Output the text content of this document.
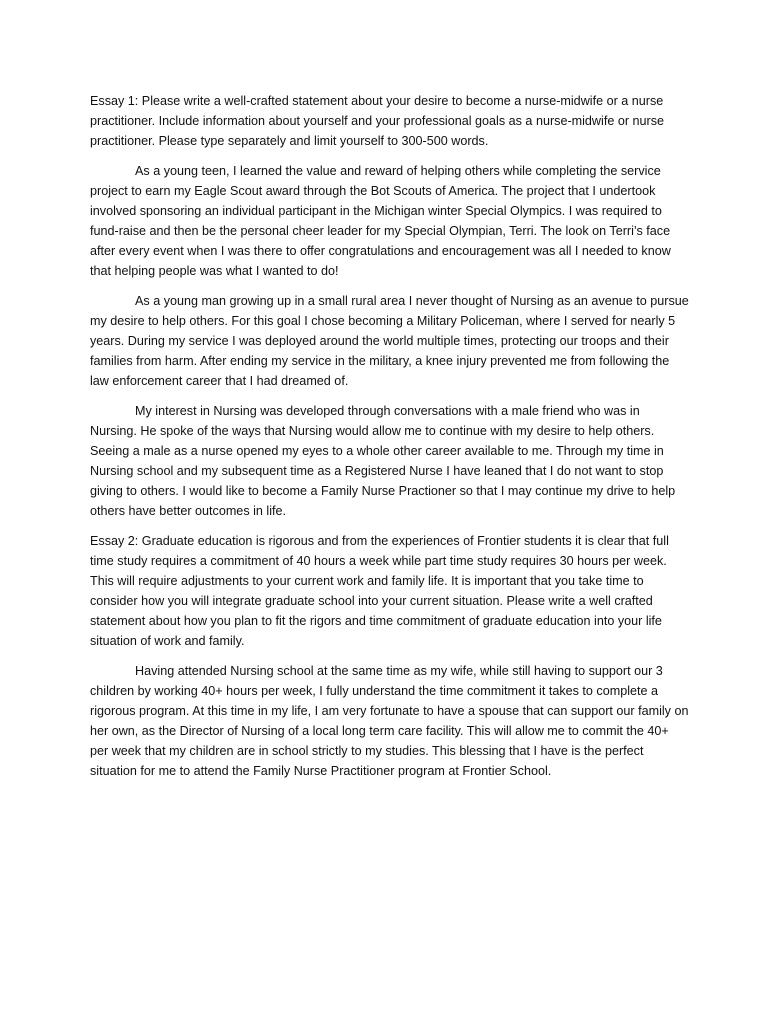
Essay 1: Please write a well-crafted statement about your desire to become a nurse-midwife or a nurse practitioner. Include information about yourself and your professional goals as a nurse-midwife or nurse practitioner. Please type separately and limit yourself to 300-500 words.

As a young teen, I learned the value and reward of helping others while completing the service project to earn my Eagle Scout award through the Bot Scouts of America. The project that I undertook involved sponsoring an individual participant in the Michigan winter Special Olympics. I was required to fund-raise and then be the personal cheer leader for my Special Olympian, Terri. The look on Terri’s face after every event when I was there to offer congratulations and encouragement was all I needed to know that helping people was what I wanted to do!

As a young man growing up in a small rural area I never thought of Nursing as an avenue to pursue my desire to help others. For this goal I chose becoming a Military Policeman, where I served for nearly 5 years. During my service I was deployed around the world multiple times, protecting our troops and their families from harm. After ending my service in the military, a knee injury prevented me from following the law enforcement career that I had dreamed of.

My interest in Nursing was developed through conversations with a male friend who was in Nursing. He spoke of the ways that Nursing would allow me to continue with my desire to help others. Seeing a male as a nurse opened my eyes to a whole other career available to me. Through my time in Nursing school and my subsequent time as a Registered Nurse I have leaned that I do not want to stop giving to others. I would like to become a Family Nurse Practioner so that I may continue my drive to help others have better outcomes in life.

Essay 2: Graduate education is rigorous and from the experiences of Frontier students it is clear that full time study requires a commitment of 40 hours a week while part time study requires 30 hours per week. This will require adjustments to your current work and family life. It is important that you take time to consider how you will integrate graduate school into your current situation. Please write a well crafted statement about how you plan to fit the rigors and time commitment of graduate education into your life situation of work and family.

Having attended Nursing school at the same time as my wife, while still having to support our 3 children by working 40+ hours per week, I fully understand the time commitment it takes to complete a rigorous program. At this time in my life, I am very fortunate to have a spouse that can support our family on her own, as the Director of Nursing of a local long term care facility. This will allow me to commit the 40+ per week that my children are in school strictly to my studies. This blessing that I have is the perfect situation for me to attend the Family Nurse Practitioner program at Frontier School.
